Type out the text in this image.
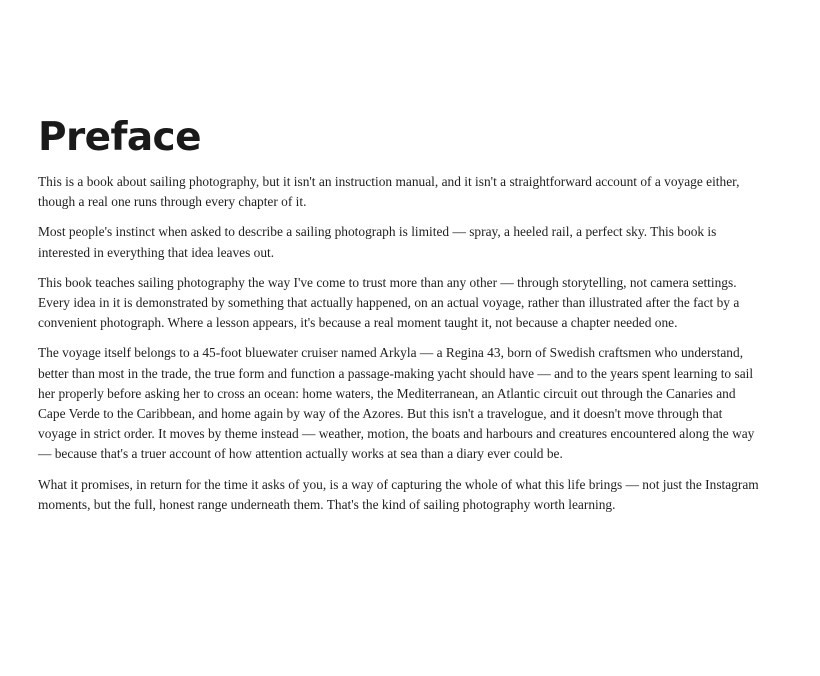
Preface

This is a book about sailing photography, but it isn't an instruction manual, and it isn't a straightforward account of a voyage either, though a real one runs through every chapter of it.

Most people's instinct when asked to describe a sailing photograph is limited — spray, a heeled rail, a perfect sky. This book is interested in everything that idea leaves out.

This book teaches sailing photography the way I've come to trust more than any other — through storytelling, not camera settings. Every idea in it is demonstrated by something that actually happened, on an actual voyage, rather than illustrated after the fact by a convenient photograph. Where a lesson appears, it's because a real moment taught it, not because a chapter needed one.

The voyage itself belongs to a 45-foot bluewater cruiser named Arkyla — a Regina 43, born of Swedish craftsmen who understand, better than most in the trade, the true form and function a passage-making yacht should have — and to the years spent learning to sail her properly before asking her to cross an ocean: home waters, the Mediterranean, an Atlantic circuit out through the Canaries and Cape Verde to the Caribbean, and home again by way of the Azores. But this isn't a travelogue, and it doesn't move through that voyage in strict order. It moves by theme instead — weather, motion, the boats and harbours and creatures encountered along the way — because that's a truer account of how attention actually works at sea than a diary ever could be.

What it promises, in return for the time it asks of you, is a way of capturing the whole of what this life brings — not just the Instagram moments, but the full, honest range underneath them. That's the kind of sailing photography worth learning.
